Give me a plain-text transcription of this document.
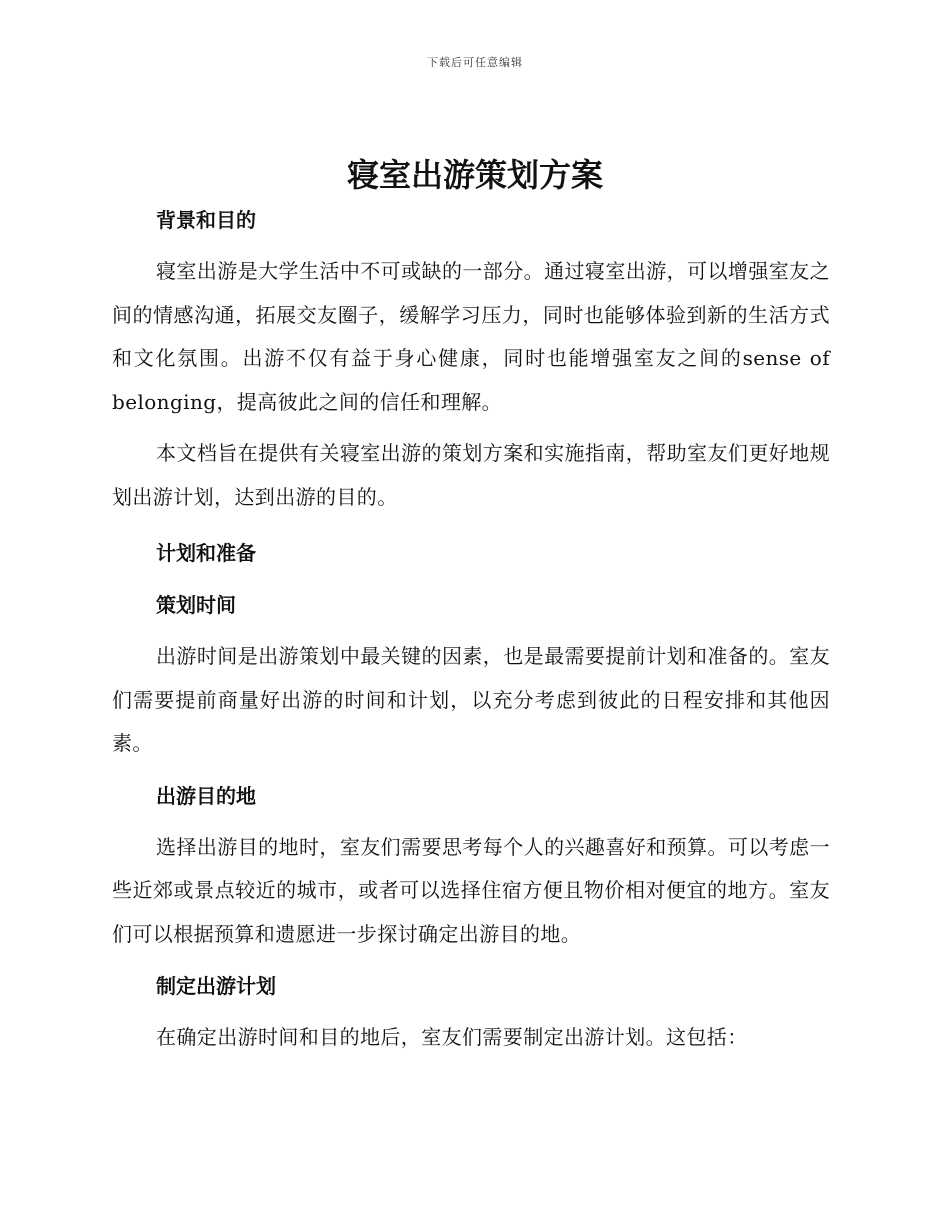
下载后可任意编辑
寝室出游策划方案
背景和目的

寝室出游是大学生活中不可或缺的一部分。通过寝室出游，可以增强室友之间的情感沟通，拓展交友圈子，缓解学习压力，同时也能够体验到新的生活方式和文化氛围。出游不仅有益于身心健康，同时也能增强室友之间的sense of belonging，提高彼此之间的信任和理解。

本文档旨在提供有关寝室出游的策划方案和实施指南，帮助室友们更好地规划出游计划，达到出游的目的。

计划和准备
策划时间

出游时间是出游策划中最关键的因素，也是最需要提前计划和准备的。室友们需要提前商量好出游的时间和计划，以充分考虑到彼此的日程安排和其他因素。

出游目的地

选择出游目的地时，室友们需要思考每个人的兴趣喜好和预算。可以考虑一些近郊或景点较近的城市，或者可以选择住宿方便且物价相对便宜的地方。室友们可以根据预算和遗愿进一步探讨确定出游目的地。

制定出游计划

在确定出游时间和目的地后，室友们需要制定出游计划。这包括：
